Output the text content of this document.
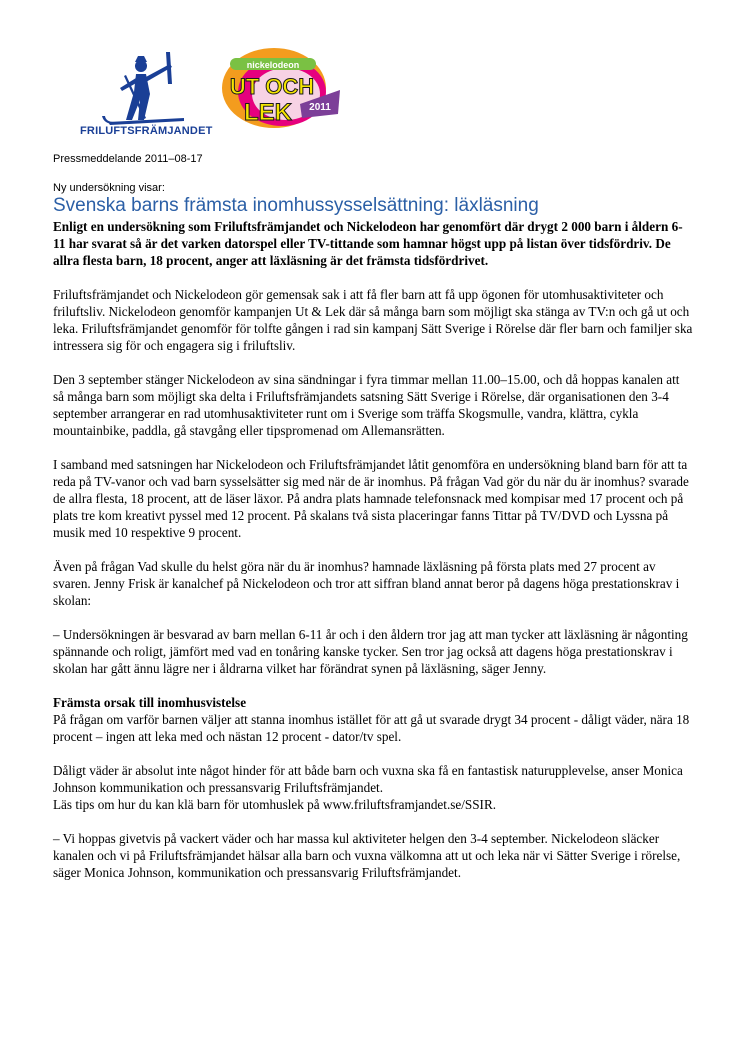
FRILUFTSFRÄMJANDET
nickelodeon
UT OCH
LEK 2011
Pressmeddelande 2011–08-17
Ny undersökning visar:
Svenska barns främsta inomhussysselsättning: läxläsning

Enligt en undersökning som Friluftsfrämjandet och Nickelodeon har genomfört där drygt 2 000 barn i åldern 6-11 har svarat så är det varken datorspel eller TV-tittande som hamnar högst upp på listan över tidsfördriv. De allra flesta barn, 18 procent, anger att läxläsning är det främsta tidsfördrivet.

Friluftsfrämjandet och Nickelodeon gör gemensak sak i att få fler barn att få upp ögonen för utomhusaktiviteter och friluftsliv. Nickelodeon genomför kampanjen Ut & Lek där så många barn som möjligt ska stänga av TV:n och gå ut och leka. Friluftsfrämjandet genomför för tolfte gången i rad sin kampanj Sätt Sverige i Rörelse där fler barn och familjer ska intressera sig för och engagera sig i friluftsliv.

Den 3 september stänger Nickelodeon av sina sändningar i fyra timmar mellan 11.00–15.00, och då hoppas kanalen att så många barn som möjligt ska delta i Friluftsfrämjandets satsning Sätt Sverige i Rörelse, där organisationen den 3-4 september arrangerar en rad utomhusaktiviteter runt om i Sverige som träffa Skogsmulle, vandra, klättra, cykla mountainbike, paddla, gå stavgång eller tipspromenad om Allemansrätten.

I samband med satsningen har Nickelodeon och Friluftsfrämjandet låtit genomföra en undersökning bland barn för att ta reda på TV-vanor och vad barn sysselsätter sig med när de är inomhus. På frågan Vad gör du när du är inomhus? svarade de allra flesta, 18 procent, att de läser läxor. På andra plats hamnade telefonsnack med kompisar med 17 procent och på plats tre kom kreativt pyssel med 12 procent. På skalans två sista placeringar fanns Tittar på TV/DVD och Lyssna på musik med 10 respektive 9 procent.

Även på frågan Vad skulle du helst göra när du är inomhus? hamnade läxläsning på första plats med 27 procent av svaren. Jenny Frisk är kanalchef på Nickelodeon och tror att siffran bland annat beror på dagens höga prestationskrav i skolan:

– Undersökningen är besvarad av barn mellan 6-11 år och i den åldern tror jag att man tycker att läxläsning är någonting spännande och roligt, jämfört med vad en tonåring kanske tycker. Sen tror jag också att dagens höga prestationskrav i skolan har gått ännu lägre ner i åldrarna vilket har förändrat synen på läxläsning, säger Jenny.

Främsta orsak till inomhusvistelse

På frågan om varför barnen väljer att stanna inomhus istället för att gå ut svarade drygt 34 procent - dåligt väder, nära 18 procent – ingen att leka med och nästan 12 procent - dator/tv spel.

Dåligt väder är absolut inte något hinder för att både barn och vuxna ska få en fantastisk naturupplevelse, anser Monica Johnson kommunikation och pressansvarig Friluftsfrämjandet.

Läs tips om hur du kan klä barn för utomhuslek på www.friluftsframjandet.se/SSIR.

– Vi hoppas givetvis på vackert väder och har massa kul aktiviteter helgen den 3-4 september. Nickelodeon släcker kanalen och vi på Friluftsfrämjandet hälsar alla barn och vuxna välkomna att ut och leka när vi Sätter Sverige i rörelse, säger Monica Johnson, kommunikation och pressansvarig Friluftsfrämjandet.
